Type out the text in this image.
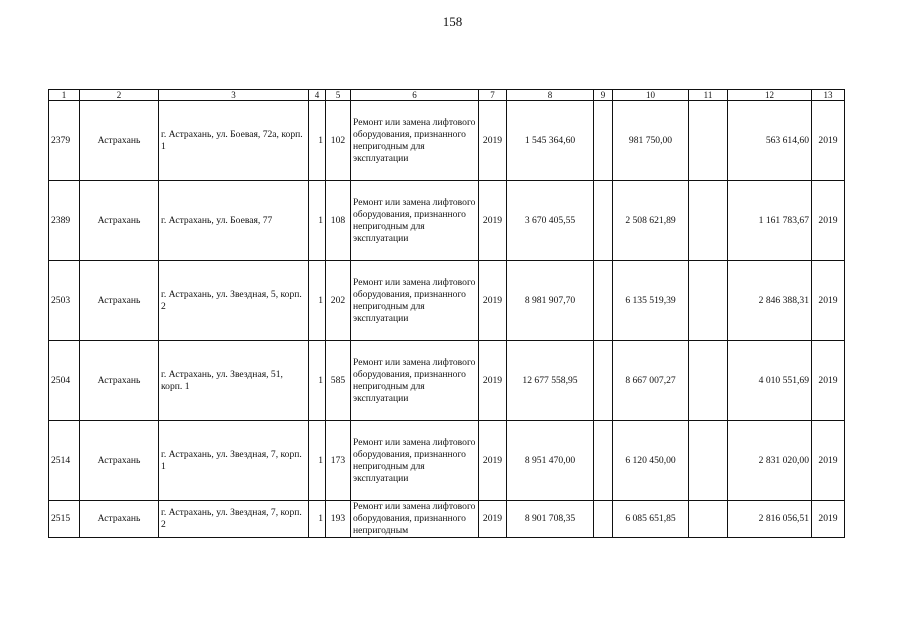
158
1	2	3	4	5	6	7	8	9	10	11	12	13
2379	Астрахань	г. Астрахань, ул. Боевая, 72а, корп. 1	1	102	Ремонт или замена лифтового оборудования, признанного непригодным для эксплуатации	2019	1 545 364,60		981 750,00		563 614,60	2019
2389	Астрахань	г. Астрахань, ул. Боевая, 77	1	108	Ремонт или замена лифтового оборудования, признанного непригодным для эксплуатации	2019	3 670 405,55		2 508 621,89		1 161 783,67	2019
2503	Астрахань	г. Астрахань, ул. Звездная, 5, корп. 2	1	202	Ремонт или замена лифтового оборудования, признанного непригодным для эксплуатации	2019	8 981 907,70		6 135 519,39		2 846 388,31	2019
2504	Астрахань	г. Астрахань, ул. Звездная, 51, корп. 1	1	585	Ремонт или замена лифтового оборудования, признанного непригодным для эксплуатации	2019	12 677 558,95		8 667 007,27		4 010 551,69	2019
2514	Астрахань	г. Астрахань, ул. Звездная, 7, корп. 1	1	173	Ремонт или замена лифтового оборудования, признанного непригодным для эксплуатации	2019	8 951 470,00		6 120 450,00		2 831 020,00	2019
2515	Астрахань	г. Астрахань, ул. Звездная, 7, корп. 2	1	193	Ремонт или замена лифтового оборудования, признанного непригодным	2019	8 901 708,35		6 085 651,85		2 816 056,51	2019
